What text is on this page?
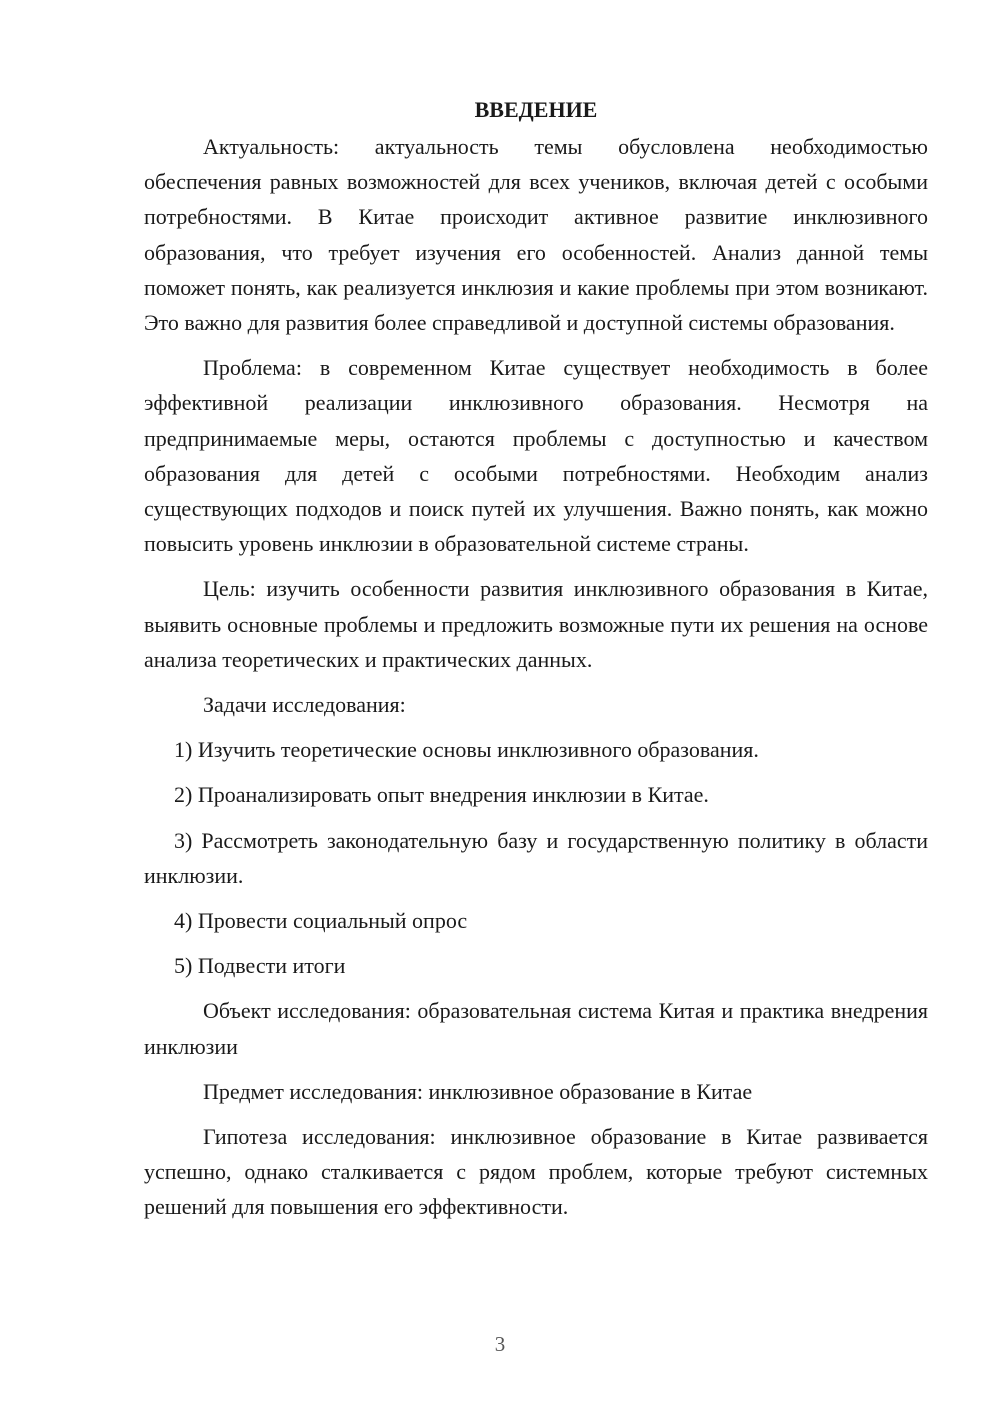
ВВЕДЕНИЕ

Актуальность: актуальность темы обусловлена необходимостью обеспечения равных возможностей для всех учеников, включая детей с особыми потребностями. В Китае происходит активное развитие инклюзивного образования, что требует изучения его особенностей. Анализ данной темы поможет понять, как реализуется инклюзия и какие проблемы при этом возникают. Это важно для развития более справедливой и доступной системы образования.

Проблема: в современном Китае существует необходимость в более эффективной реализации инклюзивного образования. Несмотря на предпринимаемые меры, остаются проблемы с доступностью и качеством образования для детей с особыми потребностями. Необходим анализ существующих подходов и поиск путей их улучшения. Важно понять, как можно повысить уровень инклюзии в образовательной системе страны.

Цель: изучить особенности развития инклюзивного образования в Китае, выявить основные проблемы и предложить возможные пути их решения на основе анализа теоретических и практических данных.

Задачи исследования:

1) Изучить теоретические основы инклюзивного образования.

2) Проанализировать опыт внедрения инклюзии в Китае.

3) Рассмотреть законодательную базу и государственную политику в области инклюзии.

4) Провести социальный опрос

5) Подвести итоги

Объект исследования: образовательная система Китая и практика внедрения инклюзии

Предмет исследования: инклюзивное образование в Китае

Гипотеза исследования: инклюзивное образование в Китае развивается успешно, однако сталкивается с рядом проблем, которые требуют системных решений для повышения его эффективности.

3
